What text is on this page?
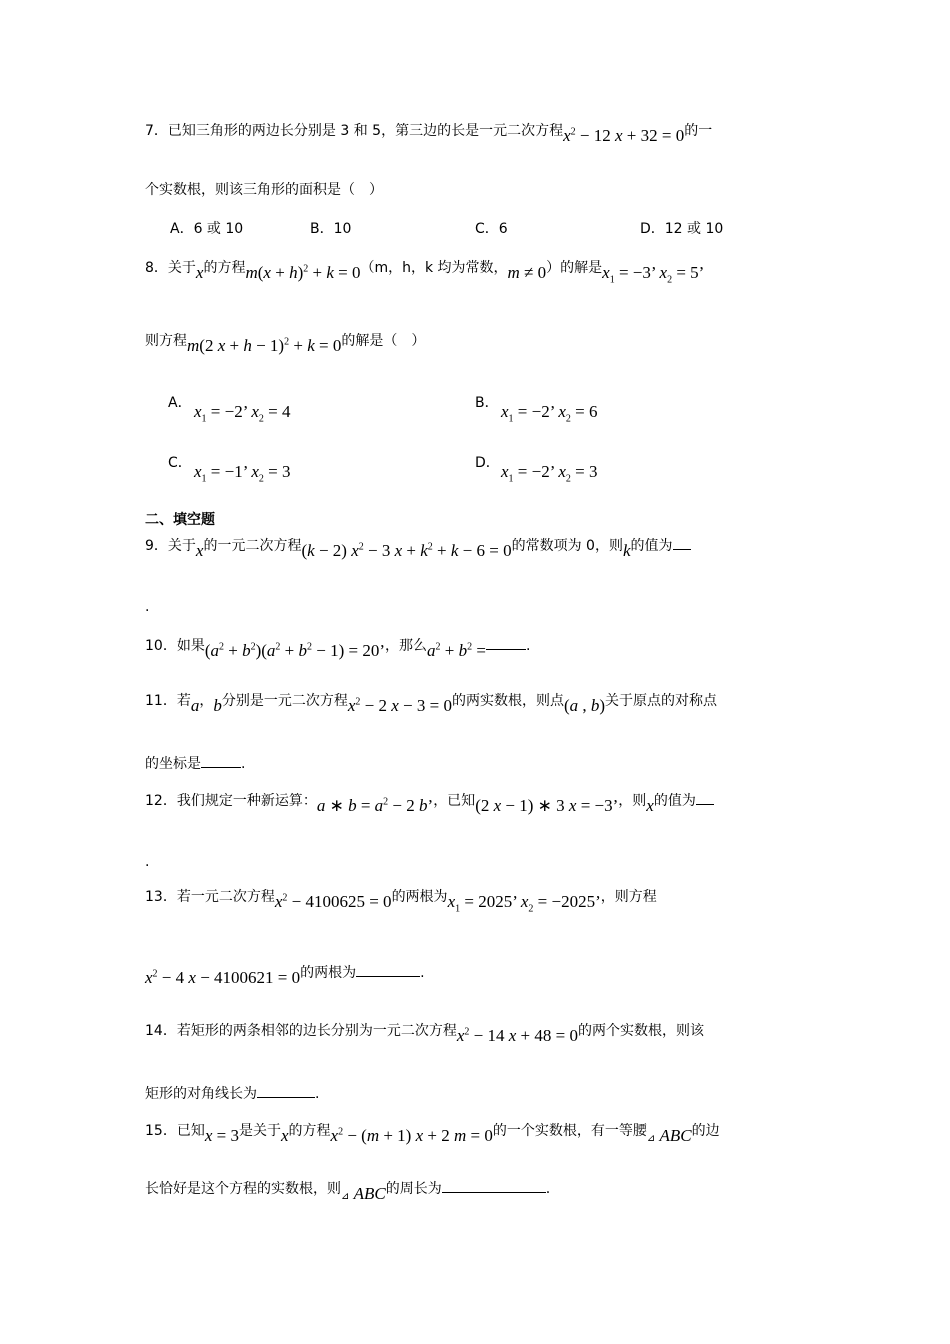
7．已知三角形的两边长分别是 3 和 5，第三边的长是一元二次方程$x^2 - 12$ x + 32 = 0的一
个实数根，则该三角形的面积是（　）
A．6 或 10	B．10	C．6	D．12 或 10
8．关于x的方程$m(x + h)^2 + k = 0(m$，h，k 均为常数，m ≠ 0）的解是$x_1 = -3$’ $x_2 = 5$’
则方程m(2 x + h − 1)$^2$ + k = 0的解是（　）
A． $x_1 = -2$’ $x_2 = 4$	B． $x_1 = -2$’ $x_2 = 6$
C． $x_1 = -1$’ $x_2 = 3$	D． $x_1 = -2$’ $x_2 = 3$
二、填空题
9．关于x的一元二次方程(k − 2) $x^2 - 3$ $x + k^2 + k - 6 = 0$的常数项为 0，则k的值为
.
10．如果$(a^2 + b^2)(a^2 + b^2 - 1) = 20$’，那么$a^2 + b^2$ =	.
11．若a，b分别是一元二次方程$x^2 - 2$ x − 3 = 0的两实数根，则点(a , b)关于原点的对称点
的坐标是	.
12．我们规定一种新运算：a ∗ $b = a^2 - 2$ b’，已知(2 x − 1) ∗ 3 x = −3’，则x的值为
.
13．若一元二次方程$x^2 - 4100625 = 0$的两根为$x_1 = 2025$’ $x_2 = -2025$’，则方程
$x^2 - 4$ x − 4100621 = 0的两根为	.
14．若矩形的两条相邻的边长分别为一元二次方程$x^2 - 14$ x + 48 = 0的两个实数根，则该
矩形的对角线长为	.
15．已知x = 3是关于x的方程$x^2 - (m + 1) x + 2$ m = 0的一个实数根，有一等腰⊿ ABC的边
长恰好是这个方程的实数根，则⊿ ABC的周长为	.
